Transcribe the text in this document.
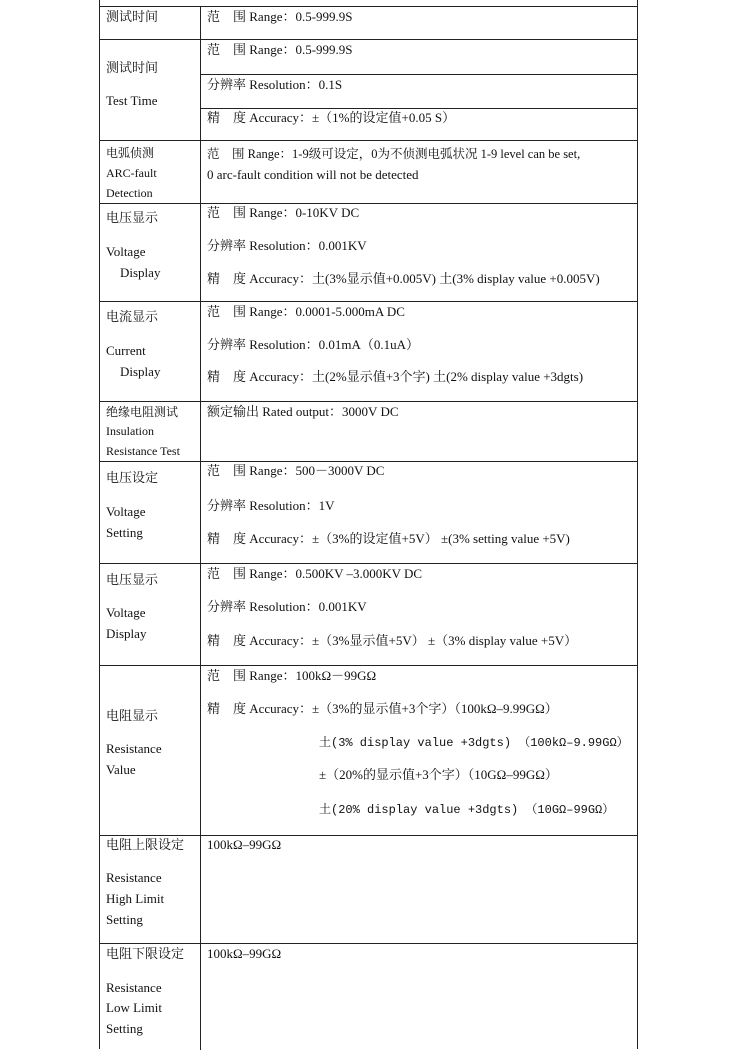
测试时间	范　围 Range：0.5-999.9S
测试时间
Test Time
范　围 Range：0.5-999.9S
分辨率 Resolution：0.1S
精　度 Accuracy：±（1%的设定值+0.05 S）
电弧侦测
ARC-fault
Detection
范　围 Range：1-9级可设定，0为不侦测电弧状况 1-9 level can be set,
0 arc-fault condition will not be detected
电压显示
Voltage
Display
范　围 Range：0-10KV DC
分辨率 Resolution：0.001KV
精　度 Accuracy：土(3%显示值+0.005V) 土(3% display value +0.005V)
电流显示
Current
Display
范　围 Range：0.0001-5.000mA DC
分辨率 Resolution：0.01mA（0.1uA）
精　度 Accuracy：土(2%显示值+3个字) 土(2% display value +3dgts)
绝缘电阻测试
Insulation
Resistance Test
额定输出 Rated output：3000V DC
电压设定
Voltage
Setting
范　围 Range：500－3000V DC
分辨率 Resolution：1V
精　度 Accuracy：±（3%的设定值+5V） ±(3% setting value +5V)
电压显示
Voltage
Display
范　围 Range：0.500KV –3.000KV DC
分辨率 Resolution：0.001KV
精　度 Accuracy：±（3%显示值+5V） ±（3% display value +5V）
电阻显示
Resistance
Value
范　围 Range：100kΩ－99GΩ
精　度 Accuracy：±（3%的显示值+3个字）（100kΩ–9.99GΩ）
土(3% display value +3dgts) （100kΩ–9.99GΩ）
±（20%的显示值+3个字）（10GΩ–99GΩ）
土(20% display value +3dgts) （10GΩ–99GΩ）
电阻上限设定
Resistance
High Limit
Setting
100kΩ–99GΩ
电阻下限设定
Resistance
Low Limit
Setting
100kΩ–99GΩ
